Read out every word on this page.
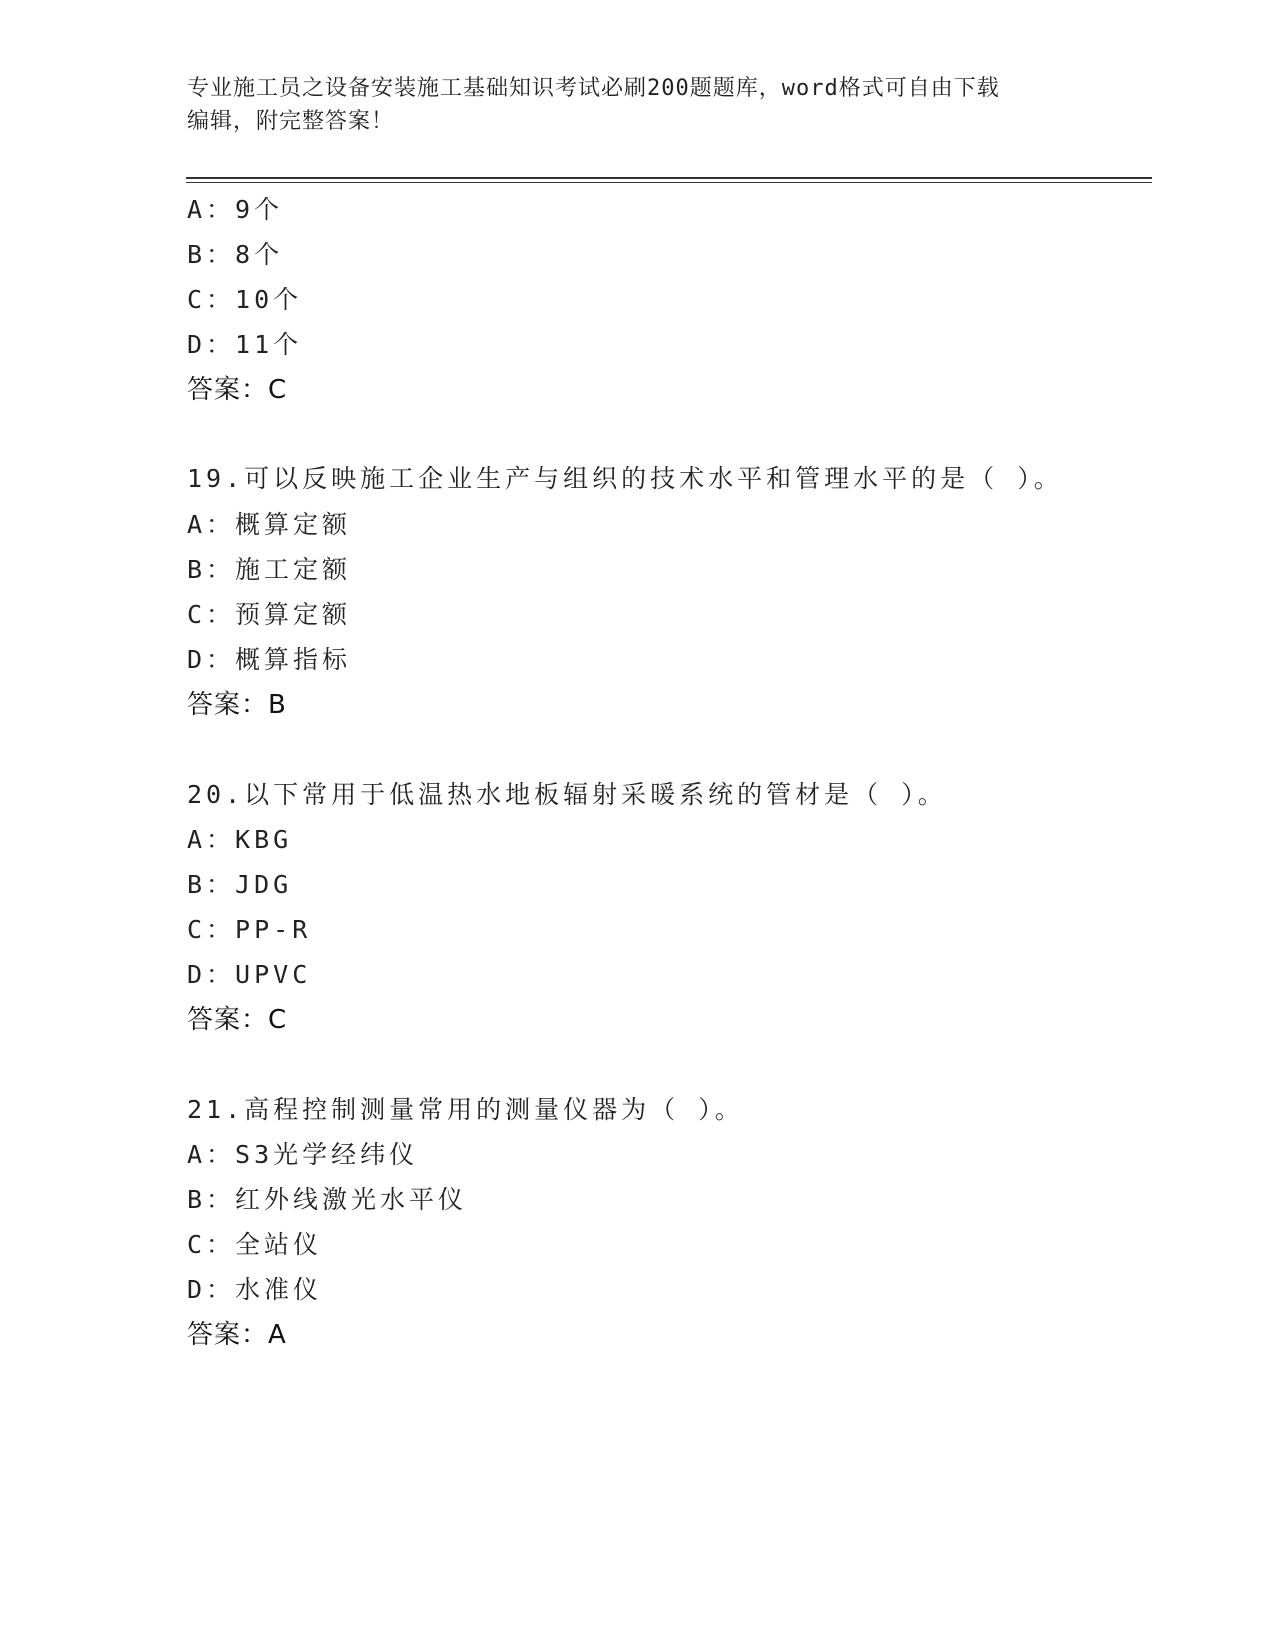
专业施工员之设备安装施工基础知识考试必刷200题题库，word格式可自由下载
编辑，附完整答案！
A：9个
B：8个
C：10个
D：11个
答案：C
19.可以反映施工企业生产与组织的技术水平和管理水平的是（ ）。
A：概算定额
B：施工定额
C：预算定额
D：概算指标
答案：B
20.以下常用于低温热水地板辐射采暖系统的管材是（ ）。
A：KBG
B：JDG
C：PP-R
D：UPVC
答案：C
21.高程控制测量常用的测量仪器为（ ）。
A：S3光学经纬仪
B：红外线激光水平仪
C：全站仪
D：水准仪
答案：A
